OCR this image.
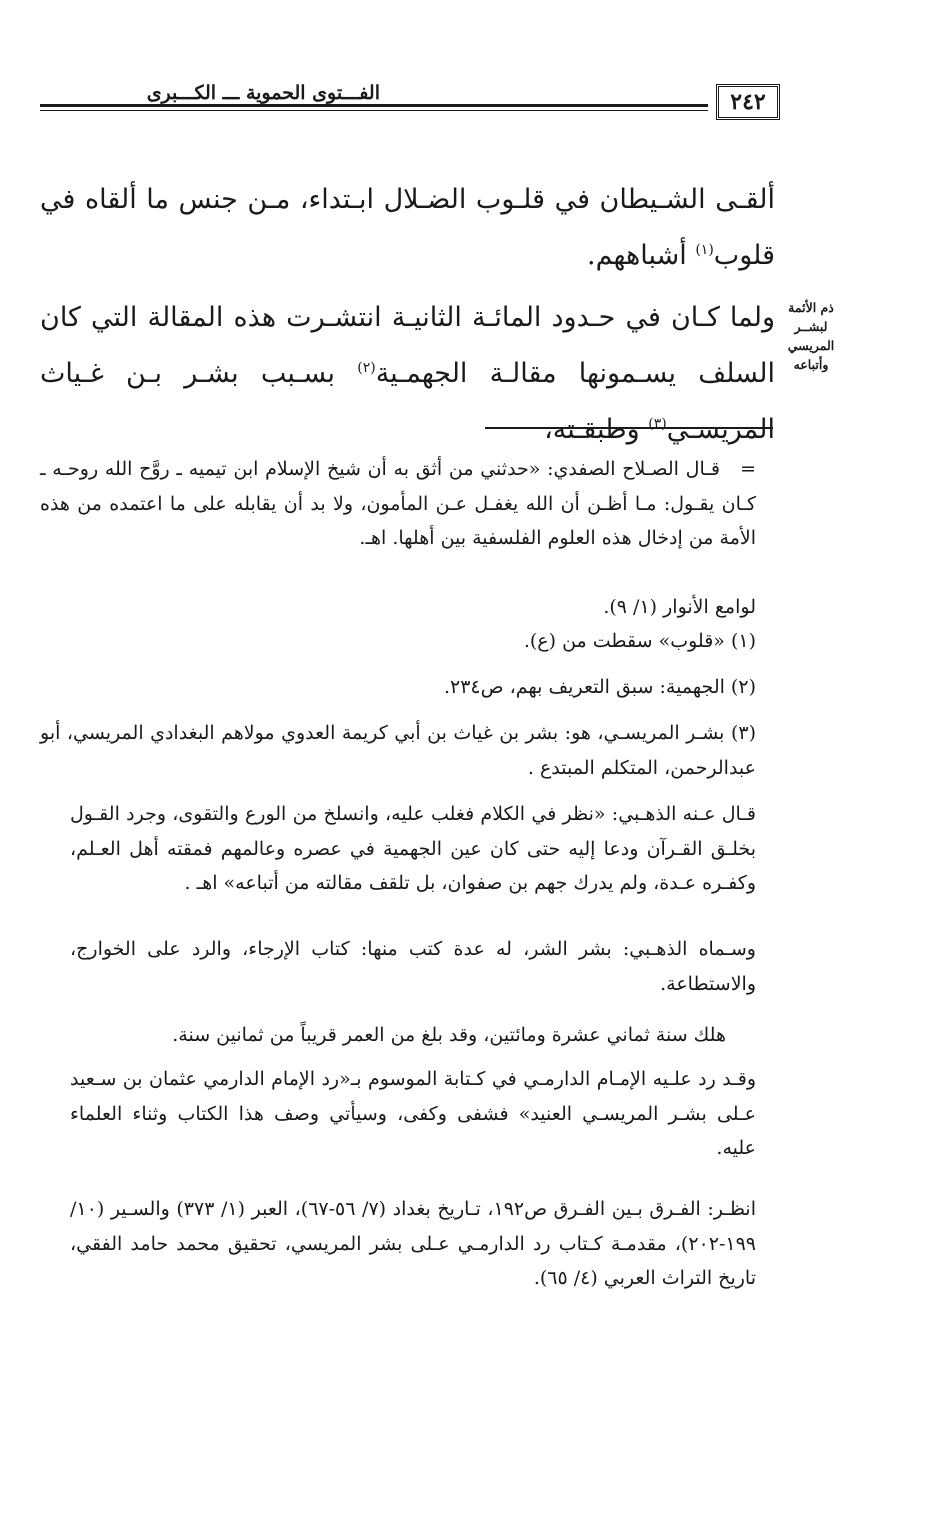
الفـــتوى الحموية ـــ الكـــبرى	٢٤٢
ألقـى الشـيطان في قلـوب الضـلال ابـتداء، مـن جنس ما ألقاه في قلوب$^{(١)}$ أشباههم.
ولما كـان في حـدود المائـة الثانيـة انتشـرت هذه المقالة التي كان السلف يسـمونها مقالـة الجهمـية$^{(٢)}$ بسـبب بشـر بـن غـياث المريسـي$^{(٣)}$ وطبقـته،
ذم الأئمة لبشــر المريسي وأتباعه
=   قـال الصـلاح الصفدي: «حدثني من أثق به أن شيخ الإسلام ابن تيميه ـ روَّح الله روحـه ـ كـان يقـول: مـا أظـن أن الله يغفـل عـن المأمون، ولا بد أن يقابله على ما اعتمده من هذه الأمة من إدخال هذه العلوم الفلسفية بين أهلها. اهـ.
لوامع الأنوار (١/ ٩).
(١) «قلوب» سقطت من (ع).
(٢) الجهمية: سبق التعريف بهم، ص٢٣٤.
(٣) بشـر المريسـي، هو: بشر بن غياث بن أبي كريمة العدوي مولاهم البغدادي المريسي، أبو عبدالرحمن، المتكلم المبتدع .
قـال عـنه الذهـبي: «نظر في الكلام فغلب عليه، وانسلخ من الورع والتقوى، وجرد القـول بخلـق القـرآن ودعا إليه حتى كان عين الجهمية في عصره وعالمهم فمقته أهل العـلم، وكفـره عـدة، ولم يدرك جهم بن صفوان، بل تلقف مقالته من أتباعه» اهـ .
وسـماه الذهـبي: بشر الشر، له عدة كتب منها: كتاب الإرجاء، والرد على الخوارج، والاستطاعة.
هلك سنة ثماني عشرة ومائتين، وقد بلغ من العمر قريباً من ثمانين سنة.
وقـد رد علـيه الإمـام الدارمـي في كـتابة الموسوم بـ«رد الإمام الدارمي عثمان بن سـعيد عـلى بشـر المريسـي العنيد» فشفى وكفى، وسيأتي وصف هذا الكتاب وثناء العلماء عليه.
انظـر: الفـرق بـين الفـرق ص١٩٢، تـاريخ بغداد (٧/ ٥٦-٦٧)، العبر (١/ ٣٧٣) والسـير (١٠/ ١٩٩-٢٠٢)، مقدمـة كـتاب رد الدارمـي عـلى بشر المريسي، تحقيق محمد حامد الفقي، تاريخ التراث العربي (٤/ ٦٥).
